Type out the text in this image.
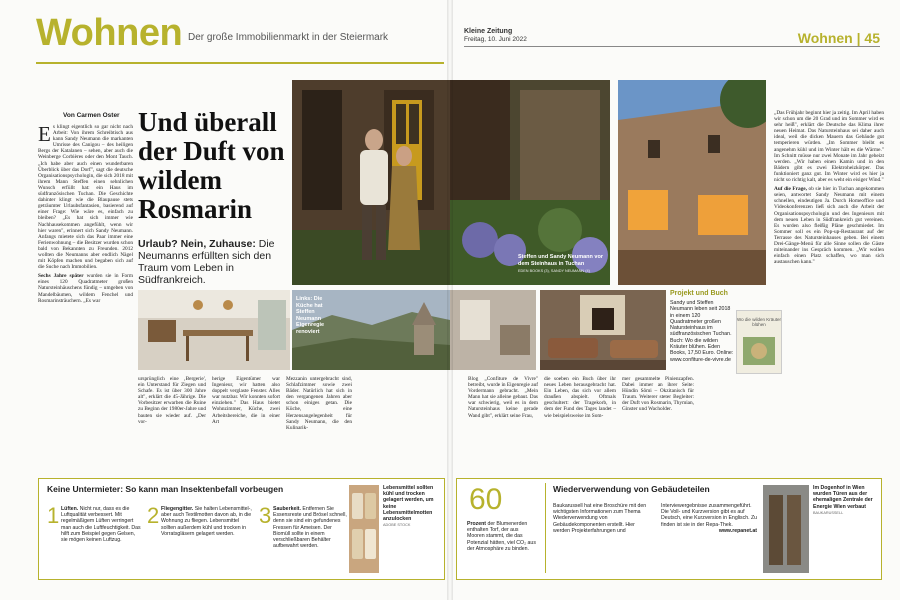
Wohnen Der große Immobilienmarkt in der Steiermark
Von Carmen Oster
E s klingt eigentlich so gar nicht nach Arbeit: Von ihrem Schreibtisch aus kann Sandy Neumann die markanten Umrisse des Canigou – des heiligen Bergs der Katalanen – sehen, aber auch die Weinberge Corbières oder den Mont Tauch. „Ich habe aber auch einen wunderbaren Überblick über das Dorf", sagt die deutsche Organisationspsychologin, die sich 2018 mit ihrem Mann Steffen einen sehnlichen Wunsch erfüllt hat: ein Haus im südfranzösischen Tuchan. Die Geschichte dahinter klingt wie die Blaupause stets geträumter Urlaubsfantasien, basierend auf einer Frage: Wie wäre es, einfach zu bleiben? „Es hat sich immer wie Nachhausekommen angefühlt, wenn wir hier waren", erinnert sich Sandy Neumann. Anfangs mietete sich das Paar immer eine Ferienwohnung – die Besitzer wurden schon bald von Bekannten zu Freunden. 2012 wollten die Neumanns aber endlich Nägel mit Köpfen machen und begaben sich auf die Suche nach Immobilien.

Sechs Jahre später wurden sie in Form eines 120 Quadratmeter großen Natursteinhäuschens fündig – umgeben von Mandelbäumen, wildem Fenchel und Rosmarinsträuchern. „Es war

Und überall der Duft von wildem Rosmarin
Urlaub? Nein, Zuhause: Die Neumanns erfüllten sich den Traum vom Leben in Südfrankreich.
Links: Die Küche hat Steffen Neumann Eigenregie renoviert

ursprünglich eine ‚Bergerie', ein Unterstand für Ziegen und Schafe. Es ist über 300 Jahre alt", erklärt die 45-Jährige. Die Vorbesitzer erwarben die Ruine zu Beginn der 1980er-Jahre und bauten sie wieder auf. „Der vor-

herige Eigentümer war Ingenieur, wir hatten also doppelt verglaste Fenster. Alles war nutzbar. Wir konnten sofort einziehen." Das Haus bietet Wohnzimmer, Küche, zwei Arbeitsbereiche, die in einer Art

Mezzanin untergebracht sind, Schlafzimmer sowie zwei Bäder. Natürlich hat sich in den vergangenen Jahren aber schon einiges getan. Die Küche, eine Herzensangelegenheit für Sandy Neumann, die den Kulinarik-

Keine Untermieter: So kann man Insektenbefall vorbeugen
1 Lüften. Nicht nur, dass es die Luftqualität verbessert. Mit regelmäßigem Lüften verringert man auch die Luftfeuchtigkeit. Das hilft zum Beispiel gegen Gelsen, sie mögen keinen Luftzug.
2 Fliegengitter. Sie halten Lebensmittel-, aber auch Textilmotten davon ab, in die Wohnung zu fliegen. Lebensmittel sollten außerdem kühl und trocken in Vorratsgläsern gelagert werden.
3 Sauberkeit. Entfernen Sie Essensreste und Brösel schnell, denn sie sind ein gefundenes Fressen für Ameisen. Der Biomüll sollte in einem verschließbaren Behälter aufbewahrt werden.
Lebensmittel sollten kühl und trocken gelagert werden, um keine Lebensmittelmotten anzulocken
ADOBE STOCK
Kleine Zeitung
Freitag, 10. Juni 2022	Wohnen | 45
Steffen und Sandy Neumann vor dem Steinhaus in Tuchan
EDEN BOOKS (3), SANDY NEUMANN (4)
Projekt und Buch
Sandy und Steffen Neumann leben seit 2018 in einem 120 Quadratmeter großen Natursteinhaus im südfranzösischen Tuchan. Buch: Wo die wilden Kräuter blühen. Eden Books, 17,50 Euro. Online: www.confiture-de-vivre.de
Wo die wilden Kräuter blühen

„Das Frühjahr beginnt hier ja zeitig. Im April haben wir schon um die 20 Grad und im Sommer wird es sehr heiß", erklärt die Deutsche das Klima ihrer neuen Heimat. Das Natursteinhaus sei daher auch ideal, weil die dicken Mauern das Gebäude gut temperieren würden. „Im Sommer bleibt es angenehm kühl und im Winter hält es die Wärme." Im Schnitt müsse nur zwei Monate im Jahr geheizt werden. „Wir haben einen Kamin und in den Bädern gibt es zwei Elektroheizkörper. Das funktioniert ganz gut. Im Winter wird es hier ja nicht so richtig kalt, aber es weht ein eisiger Wind."

Auf die Frage, ob sie hier in Tuchan angekommen seien, antwortet Sandy Neumann mit einem schnellen, eindeutigen Ja. Durch Homeoffice und Videokonferenzen ließ sich auch die Arbeit der Organisationspsychologin und des Ingenieurs mit dem neuen Leben in Südfrankreich gut vereinen. Es wurden also fleißig Pläne geschmiedet. Im Sommer soll es ein Pop-up-Restaurant auf der Terrasse des Natursteinhauses geben. Bei einem Drei-Gänge-Menü für alle Sinne sollen die Gäste miteinander ins Gespräch kommen. „Wir wollen einfach einen Platz schaffen, wo man sich austauschen kann."

Blog „Confiture de Vivre" betreibt, wurde in Eigenregie auf Vordermann gebracht. „Mein Mann hat sie alleine gebaut. Das war schwierig, weil es in dem Natursteinhaus keine gerade Wand gibt", erklärt seine Frau,

die soeben ein Buch über ihr neues Leben herausgebracht hat. Ein Leben, das sich vor allem draußen abspielt. Oftmals geschultert: der Tragekorb, in dem der Fund des Tages landet – wie beispielsweise im Som-

mer gesammelte Pinienzapfen. Dabei immer an ihrer Seite: Hündin Sômi – Okzitanisch für Traum. Weiterer steter Begleiter: der Duft von Rosmarin, Thymian, Ginster und Wacholder.

60
Prozent der Blumenerden enthalten Torf, der aus Mooren stammt, die das Potenzial hätten, viel CO₂ aus der Atmosphäre zu binden.
Wiederverwendung von Gebäudeteilen
Baukarussell hat eine Broschüre mit den wichtigsten Informationen zum Thema Wiederverwendung von Gebäudekomponenten erstellt. Hier werden Projekterfahrungen und
Interviewergebnisse zusammengeführt. Die Voll- und Kurzversion gibt es auf Deutsch, eine Kurzversion in Englisch. Zu finden ist sie in der Repa-Thek.

www.repanet.at
Im Dogenhof in Wien wurden Türen aus der ehemaligen Zentrale der Energie Wien verbaut
BAUKARUSSELL
